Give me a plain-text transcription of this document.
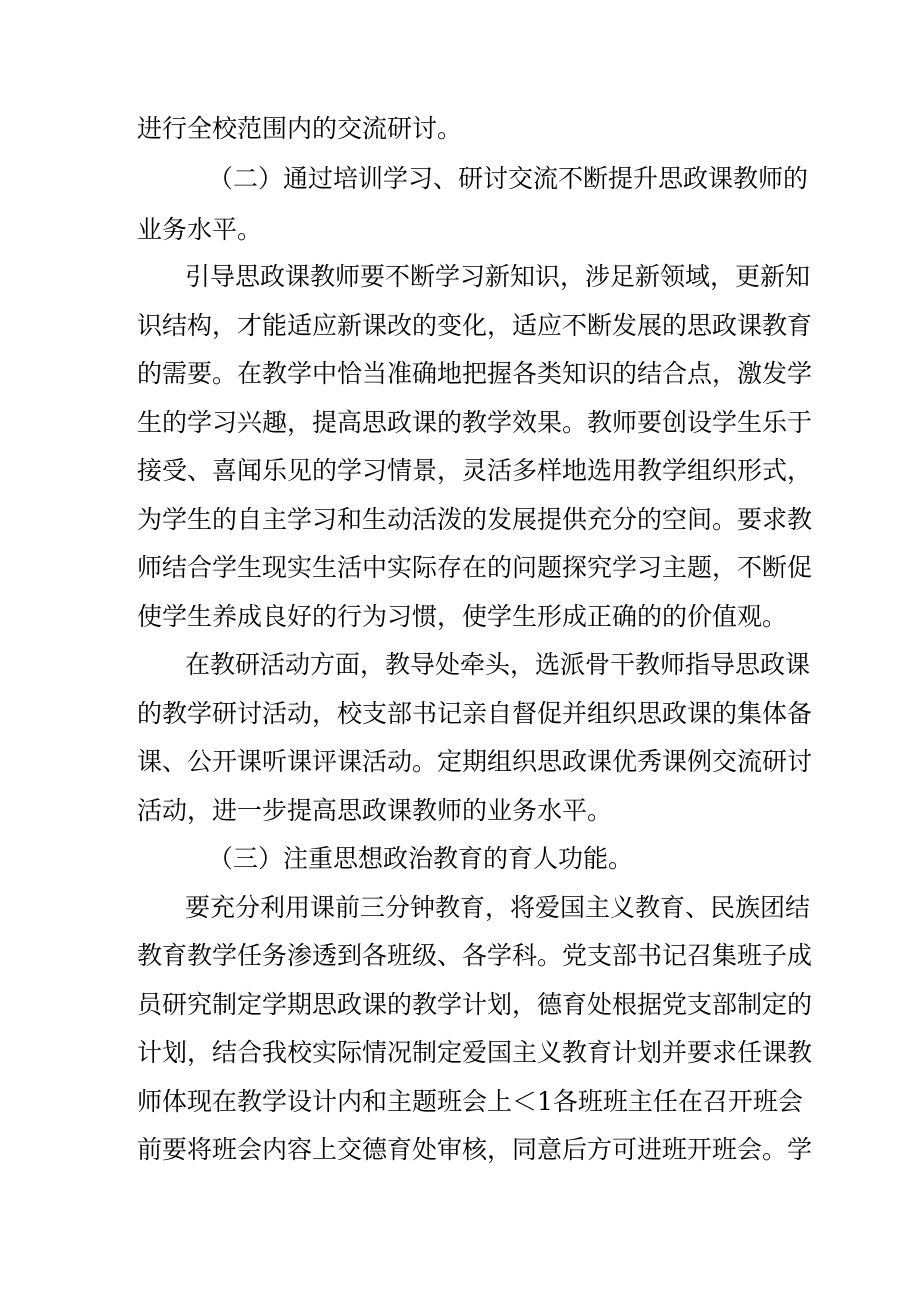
进行全校范围内的交流研讨。
（二）通过培训学习、研讨交流不断提升思政课教师的
业务水平。
引导思政课教师要不断学习新知识，涉足新领域，更新知
识结构，才能适应新课改的变化，适应不断发展的思政课教育
的需要。在教学中恰当准确地把握各类知识的结合点，激发学
生的学习兴趣，提高思政课的教学效果。教师要创设学生乐于
接受、喜闻乐见的学习情景，灵活多样地选用教学组织形式，
为学生的自主学习和生动活泼的发展提供充分的空间。要求教
师结合学生现实生活中实际存在的问题探究学习主题，不断促
使学生养成良好的行为习惯，使学生形成正确的的价值观。
在教研活动方面，教导处牵头，选派骨干教师指导思政课
的教学研讨活动，校支部书记亲自督促并组织思政课的集体备
课、公开课听课评课活动。定期组织思政课优秀课例交流研讨
活动，进一步提高思政课教师的业务水平。
（三）注重思想政治教育的育人功能。
要充分利用课前三分钟教育，将爱国主义教育、民族团结
教育教学任务渗透到各班级、各学科。党支部书记召集班子成
员研究制定学期思政课的教学计划，德育处根据党支部制定的
计划，结合我校实际情况制定爱国主义教育计划并要求任课教
师体现在教学设计内和主题班会上＜1各班班主任在召开班会
前要将班会内容上交德育处审核，同意后方可进班开班会。学
